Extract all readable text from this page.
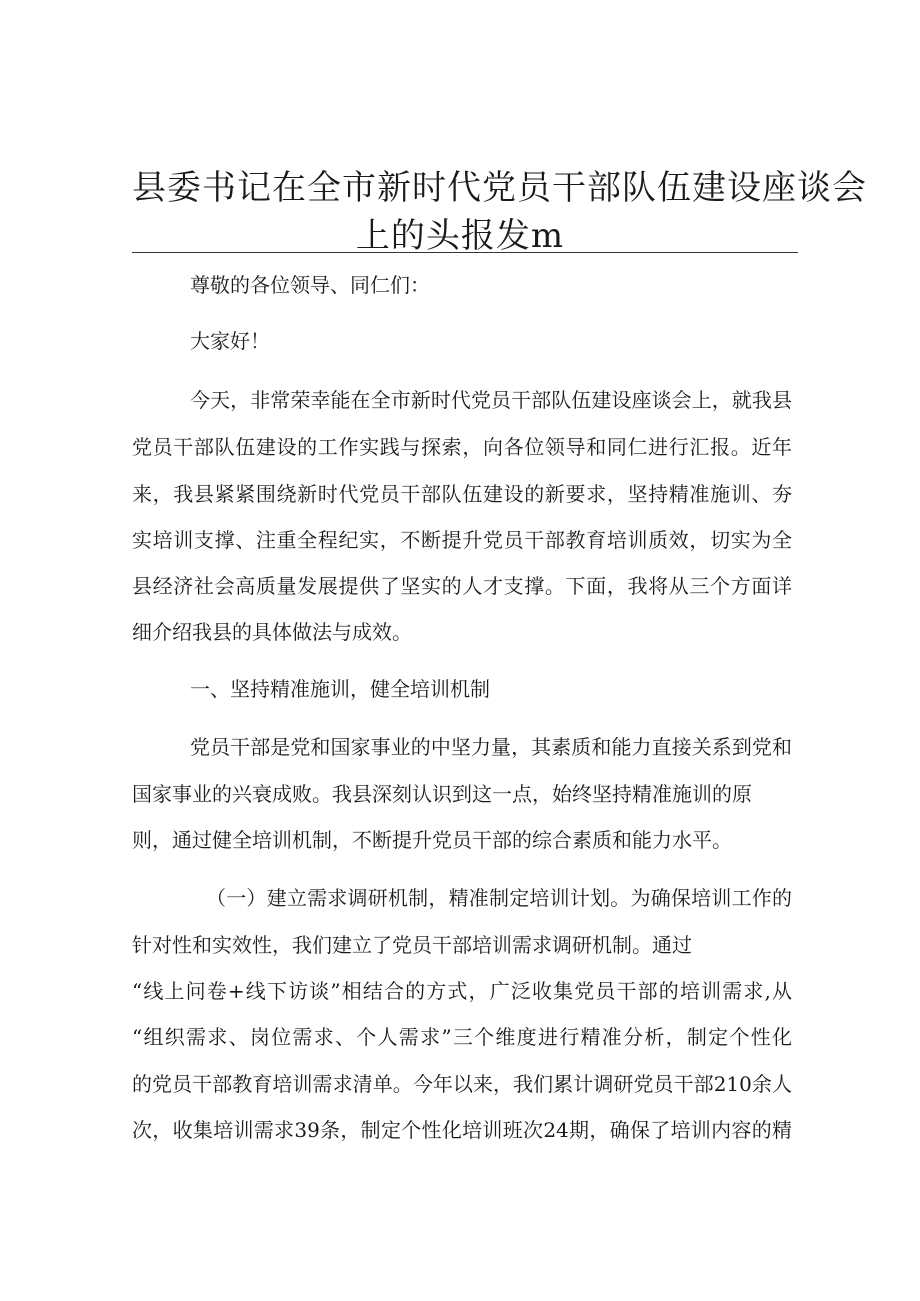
县委书记在全市新时代党员干部队伍建设座谈会
上的头报发m
尊敬的各位领导、同仁们：
大家好！
今天，非常荣幸能在全市新时代党员干部队伍建设座谈会上，就我县
党员干部队伍建设的工作实践与探索，向各位领导和同仁进行汇报。近年
来，我县紧紧围绕新时代党员干部队伍建设的新要求，坚持精准施训、夯
实培训支撑、注重全程纪实，不断提升党员干部教育培训质效，切实为全
县经济社会高质量发展提供了坚实的人才支撑。下面，我将从三个方面详
细介绍我县的具体做法与成效。
一、坚持精准施训，健全培训机制
党员干部是党和国家事业的中坚力量，其素质和能力直接关系到党和
国家事业的兴衰成败。我县深刻认识到这一点，始终坚持精准施训的原
则，通过健全培训机制，不断提升党员干部的综合素质和能力水平。
（一）建立需求调研机制，精准制定培训计划。为确保培训工作的
针对性和实效性，我们建立了党员干部培训需求调研机制。通过
“线上问卷+线下访谈”相结合的方式，广泛收集党员干部的培训需求,从
“组织需求、岗位需求、个人需求”三个维度进行精准分析，制定个性化
的党员干部教育培训需求清单。今年以来，我们累计调研党员干部210余人
次，收集培训需求39条，制定个性化培训班次24期，确保了培训内容的精
